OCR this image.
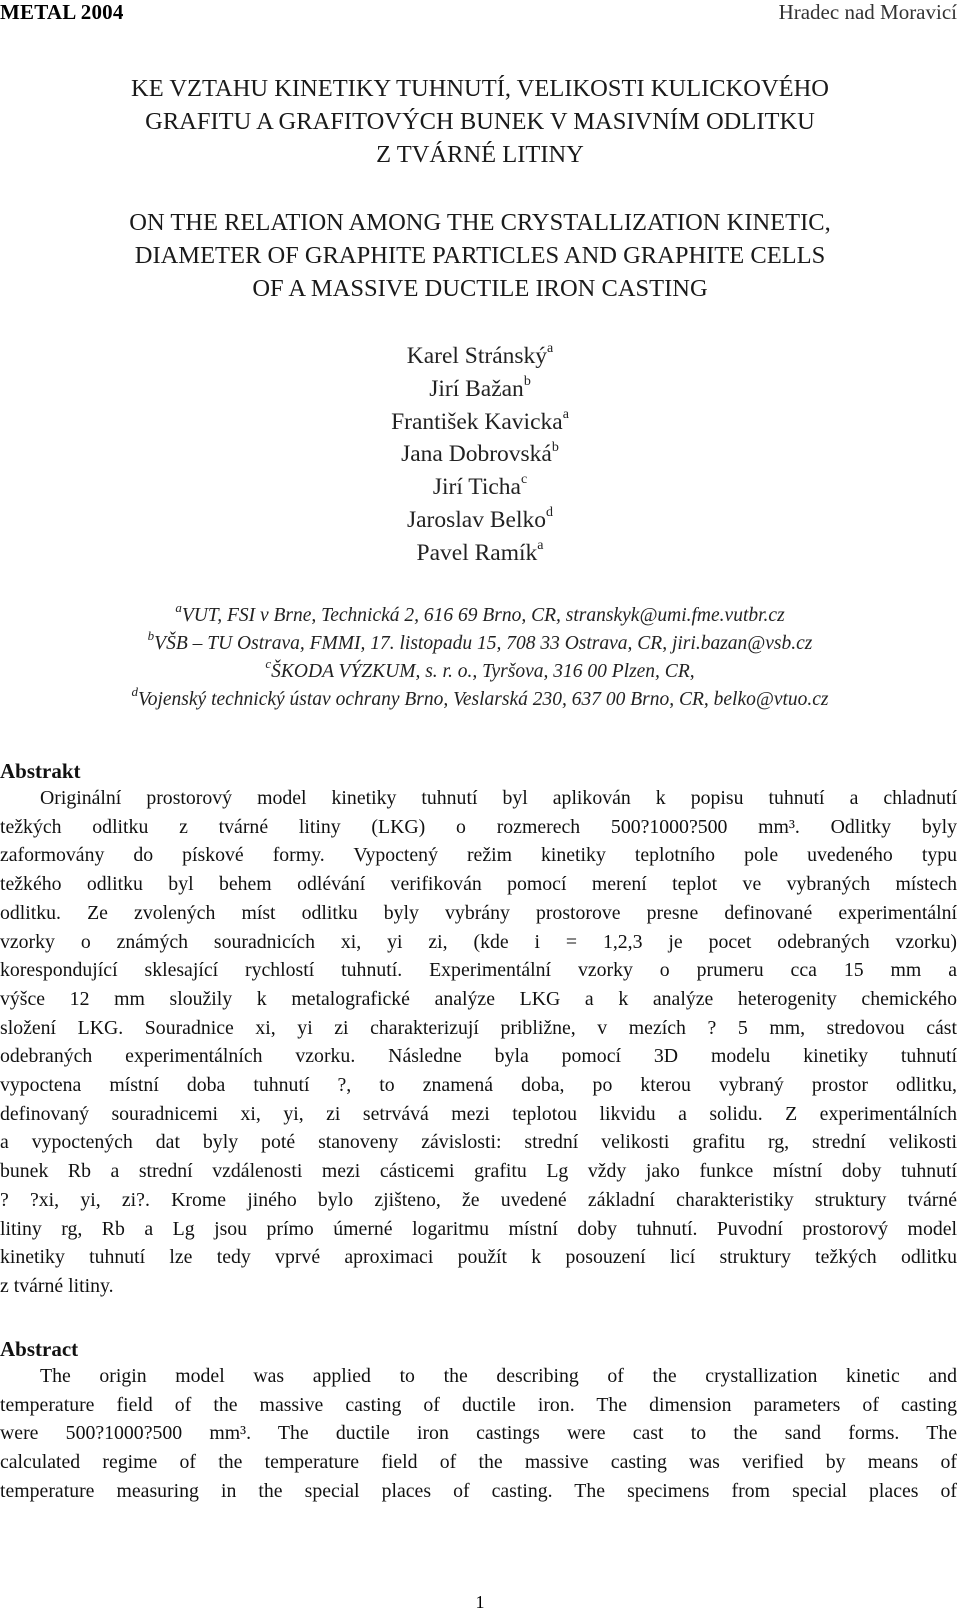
METAL 2004	Hradec nad Moravicí
KE VZTAHU KINETIKY TUHNUTÍ, VELIKOSTI KULICKOVÉHO
GRAFITU A GRAFITOVÝCH BUNEK V MASIVNÍM ODLITKU
Z TVÁRNÉ LITINY
ON THE RELATION AMONG THE CRYSTALLIZATION KINETIC,
DIAMETER OF GRAPHITE PARTICLES AND GRAPHITE CELLS
OF A MASSIVE DUCTILE IRON CASTING
Karel Stránský$^a$
Jirí Bažan$^b$
František Kavicka$^a$
Jana Dobrovská$^b$
Jirí Ticha$^c$
Jaroslav Belko$^d$
Pavel Ramík$^a$
$^a$VUT, FSI v Brne, Technická 2, 616 69 Brno, CR, stranskyk@umi.fme.vutbr.cz
$^b$VŠB – TU Ostrava, FMMI, 17. listopadu 15, 708 33 Ostrava, CR, jiri.bazan@vsb.cz
$^c$ŠKODA VÝZKUM, s. r. o., Tyršova, 316 00 Plzen, CR,
$^d$Vojenský technický ústav ochrany Brno, Veslarská 230, 637 00 Brno, CR, belko@vtuo.cz
Abstrakt
Originální prostorový model kinetiky tuhnutí byl aplikován k popisu tuhnutí a chladnutí
težkých odlitku z tvárné litiny (LKG) o rozmerech 500?1000?500 mm³. Odlitky byly
zaformovány do pískové formy. Vypoctený režim kinetiky teplotního pole uvedeného typu
težkého odlitku byl behem odlévání verifikován pomocí merení teplot ve vybraných místech
odlitku. Ze zvolených míst odlitku byly vybrány prostorove presne definované experimentální
vzorky o známých souradnicích xi, yi zi, (kde i = 1,2,3 je pocet odebraných vzorku)
korespondující sklesající rychlostí tuhnutí. Experimentální vzorky o prumeru cca 15 mm a
výšce 12 mm sloužily k metalografické analýze LKG a k analýze heterogenity chemického
složení LKG. Souradnice xi, yi zi charakterizují približne, v mezích ? 5 mm, stredovou cást
odebraných experimentálních vzorku. Následne byla pomocí 3D modelu kinetiky tuhnutí
vypoctena místní doba tuhnutí ?, to znamená doba, po kterou vybraný prostor odlitku,
definovaný souradnicemi xi, yi, zi setrvává mezi teplotou likvidu a solidu. Z experimentálních
a vypoctených dat byly poté stanoveny závislosti: strední velikosti grafitu rg, strední velikosti
bunek Rb a strední vzdálenosti mezi cásticemi grafitu Lg vždy jako funkce místní doby tuhnutí
? ?xi, yi, zi?. Krome jiného bylo zjišteno, že uvedené základní charakteristiky struktury tvárné
litiny rg, Rb a Lg jsou prímo úmerné logaritmu místní doby tuhnutí. Puvodní prostorový model
kinetiky tuhnutí lze tedy vprvé aproximaci použít k posouzení licí struktury težkých odlitku
z tvárné litiny.
Abstract
The origin model was applied to the describing of the crystallization kinetic and
temperature field of the massive casting of ductile iron. The dimension parameters of casting
were 500?1000?500 mm³. The ductile iron castings were cast to the sand forms. The
calculated regime of the temperature field of the massive casting was verified by means of
temperature measuring in the special places of casting. The specimens from special places of
1
